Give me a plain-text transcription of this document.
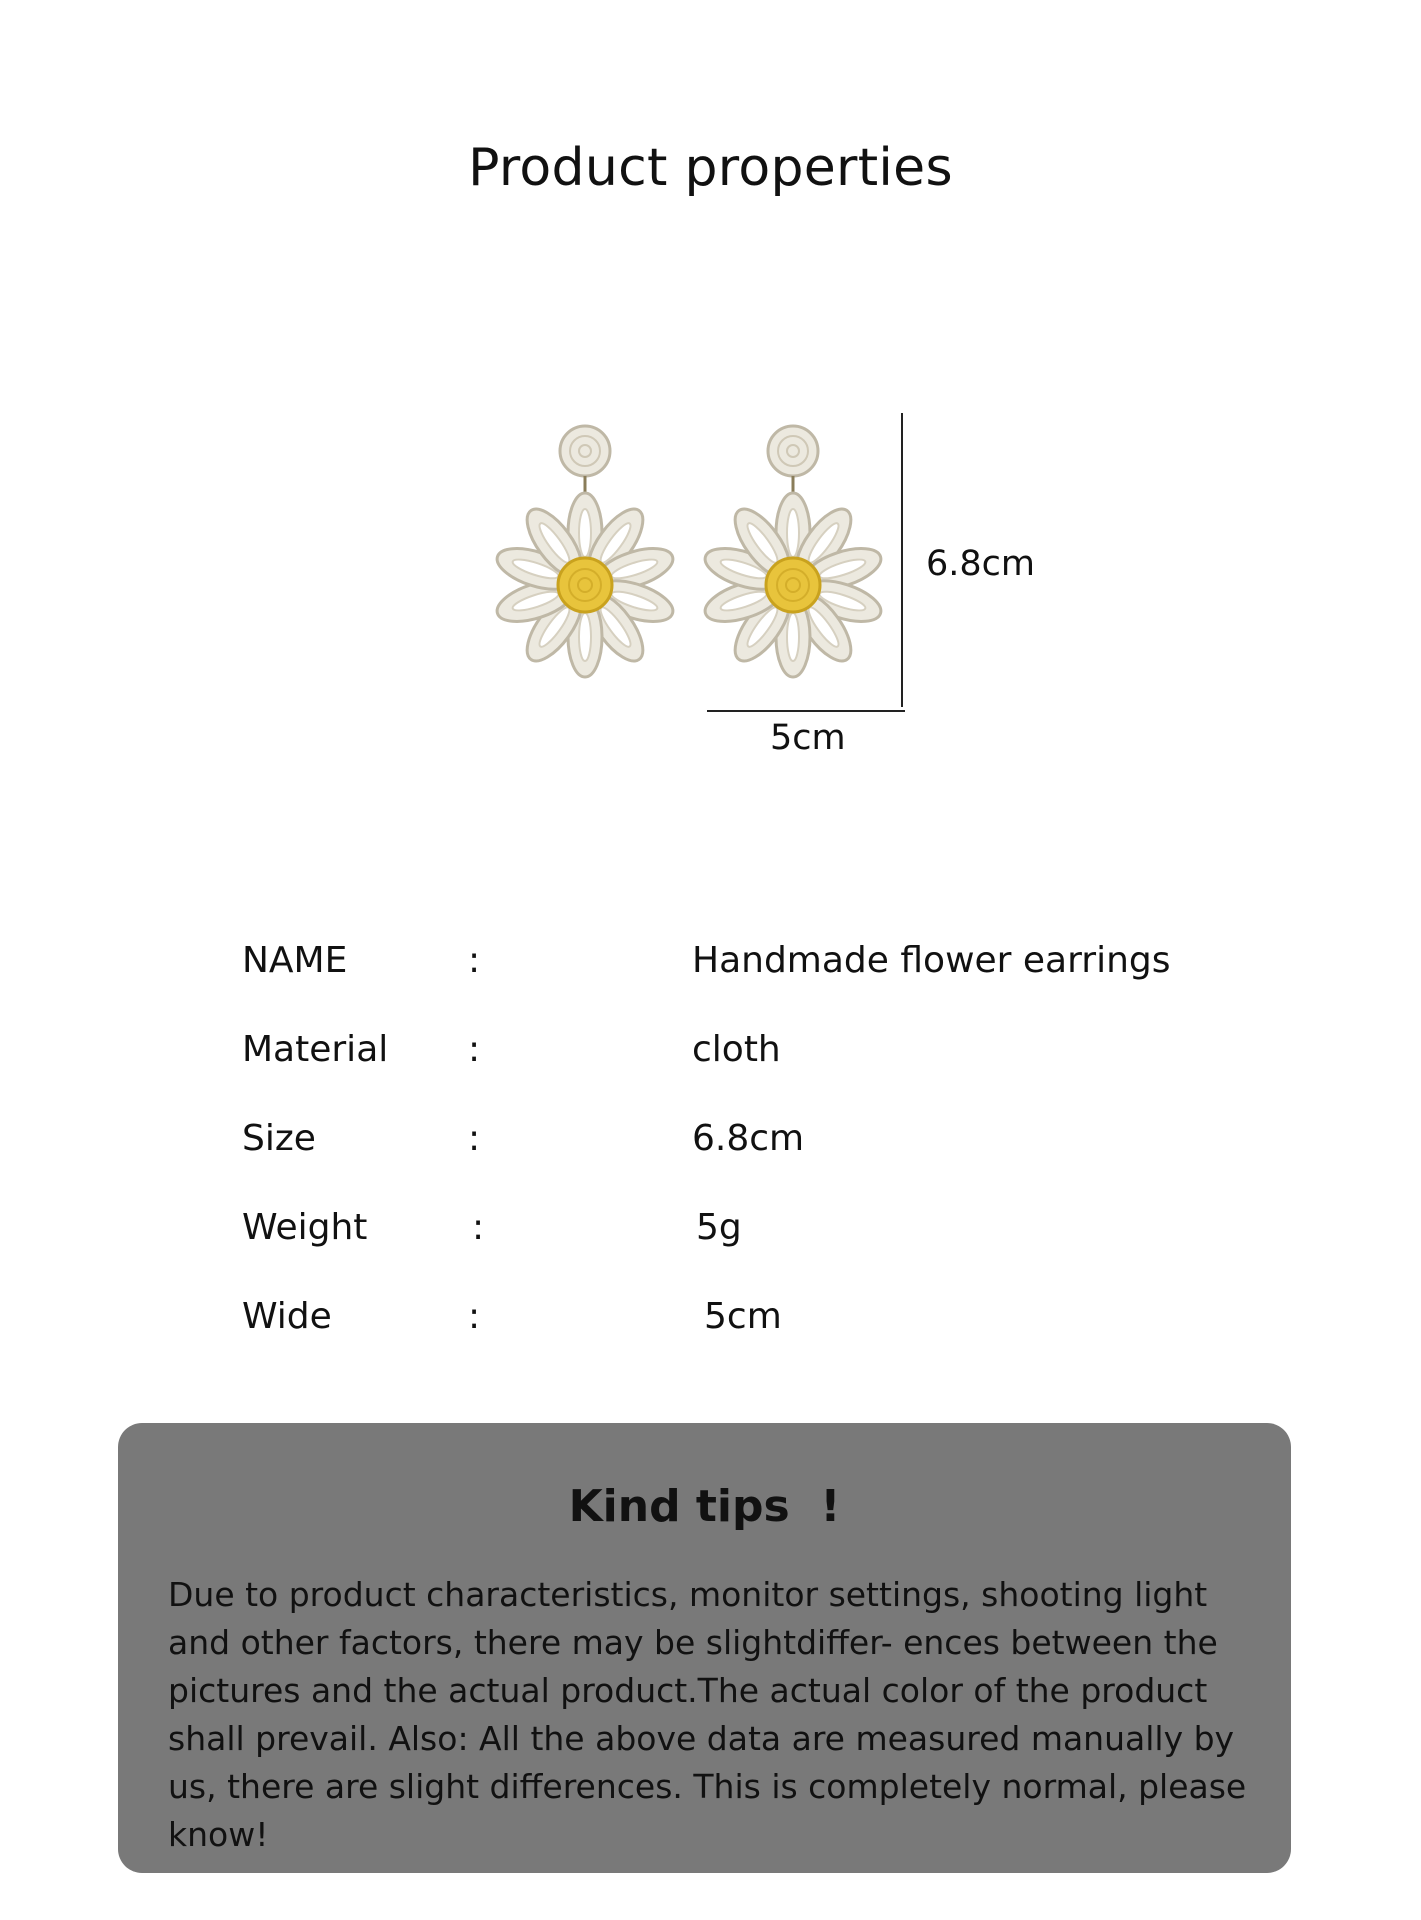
Product properties
6.8cm
5cm
NAME	:	Handmade flower earrings
Material :	cloth
Size	:	6.8cm
Weight	:	5g
Wide	:	5cm
Kind tips  !

Due to product characteristics, monitor settings, shooting light and other factors, there may be slightdiffer- ences between the pictures and the actual product.The actual color of the product shall prevail. Also: All the above data are measured manually by us, there are slight differences. This is completely normal, please know!
